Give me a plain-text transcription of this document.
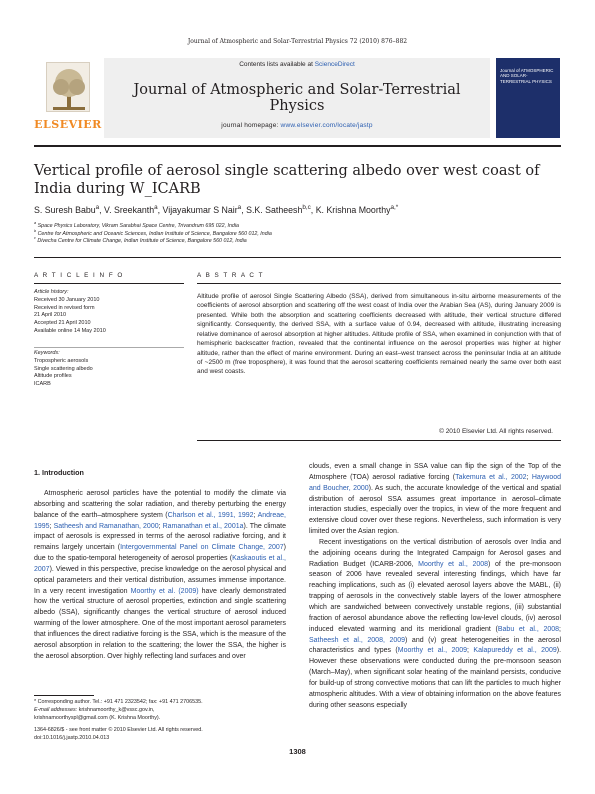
Journal of Atmospheric and Solar-Terrestrial Physics 72 (2010) 876–882
ELSEVIER
Contents lists available at ScienceDirect
Journal of Atmospheric and Solar-Terrestrial Physics
journal homepage: www.elsevier.com/locate/jastp
Journal of ATMOSPHERIC AND SOLAR-TERRESTRIAL PHYSICS
Vertical profile of aerosol single scattering albedo over west coast of India during W_ICARB
S. Suresh Babu$^a$, V. Sreekanth$^a$, Vijayakumar S Nair$^a$, S.K. Satheesh$^{b,c}$, K. Krishna Moorthy$^{a,*}$
$^a$ Space Physics Laboratory, Vikram Sarabhai Space Centre, Trivandrum 695 022, India
$^b$ Centre for Atmospheric and Oceanic Sciences, Indian Institute of Science, Bangalore 560 012, India
$^c$ Divecha Centre for Climate Change, Indian Institute of Science, Bangalore 560 012, India
A R T I C L E I N F O	A B S T R A C T
Article history:
Received 30 January 2010
Received in revised form
21 April 2010
Accepted 21 April 2010
Available online 14 May 2010
Keywords:
Tropospheric aerosols
Single scattering albedo
Altitude profiles
ICARB
Altitude profile of aerosol Single Scattering Albedo (SSA), derived from simultaneous in-situ airborne measurements of the coefficients of aerosol absorption and scattering off the west coast of India over the Arabian Sea (AS), during January 2009 is presented. While both the absorption and scattering coefficients decreased with altitude, their vertical structure differed significantly. Consequently, the derived SSA, with a surface value of 0.94, decreased with altitude, illustrating increasing relative dominance of aerosol absorption at higher altitudes. Altitude profile of SSA, when examined in conjunction with that of hemispheric backscatter fraction, revealed that the continental influence on the aerosol properties was higher at higher altitude, rather than the effect of marine environment. During an east–west transect across the peninsular India at an altitude of ~2500 m (free troposphere), it was found that the aerosol scattering coefficients remained nearly the same over both east and west coasts.
© 2010 Elsevier Ltd. All rights reserved.
1. Introduction

Atmospheric aerosol particles have the potential to modify the climate via absorbing and scattering the solar radiation, and thereby perturbing the energy balance of the earth–atmosphere system (Charlson et al., 1991, 1992; Andreae, 1995; Satheesh and Ramanathan, 2000; Ramanathan et al., 2001a). The climate impact of aerosols is expressed in terms of the aerosol radiative forcing, and it remains largely uncertain (Intergovernmental Panel on Climate Change, 2007) due to the spatio-temporal heterogeneity of aerosol properties (Kaskaoutis et al., 2007). Viewed in this perspective, precise knowledge on the aerosol physical and optical parameters and their vertical distribution, assumes immense importance. In a very recent investigation Moorthy et al. (2009) have clearly demonstrated how the vertical structure of aerosol properties, extinction and single scattering albedo (SSA), significantly changes the vertical structure of aerosol induced warming of the lower atmosphere. One of the most important aerosol parameters that influences the direct radiative forcing is the SSA, which is the measure of the aerosol absorption in relation to the scattering; the lower the SSA, the higher is the aerosol absorption. Over highly reflecting land surfaces and over

clouds, even a small change in SSA value can flip the sign of the Top of the Atmosphere (TOA) aerosol radiative forcing (Takemura et al., 2002; Haywood and Boucher, 2000). As such, the accurate knowledge of the vertical and spatial distribution of aerosol SSA assumes great importance in aerosol–climate interaction studies, especially over the tropics, in view of the more frequent and extensive cloud cover over these regions. Nevertheless, such information is very limited over the Asian region.

Recent investigations on the vertical distribution of aerosols over India and the adjoining oceans during the Integrated Campaign for Aerosol gases and Radiation Budget (ICARB-2006, Moorthy et al., 2008) of the pre-monsoon season of 2006 have revealed several interesting findings, which have far reaching implications, such as (i) elevated aerosol layers above the MABL, (ii) trapping of aerosols in the convectively stable layers of the lower atmosphere which are sandwiched between convectively unstable regions, (iii) substantial fraction of aerosol abundance above the reflecting low-level clouds, (iv) aerosol induced elevated warming and its meridional gradient (Babu et al., 2008; Satheesh et al., 2008, 2009) and (v) great heterogeneities in the aerosol characteristics and types (Moorthy et al., 2009; Kalapureddy et al., 2009). However these observations were conducted during the pre-monsoon season (March–May), when significant solar heating of the mainland persists, conducive for build-up of strong convective motions that can lift the particles to much higher atmospheric altitudes. With a view of obtaining information on the above features during other seasons especially

* Corresponding author. Tel.: +91 471 2323542; fax: +91 471 2706535.
E-mail addresses: krishnamoorthy_k@vssc.gov.in,
krishnamoorthyspl@gmail.com (K. Krishna Moorthy).
1364-6826/$ - see front matter © 2010 Elsevier Ltd. All rights reserved.
doi:10.1016/j.jastp.2010.04.013
1308
